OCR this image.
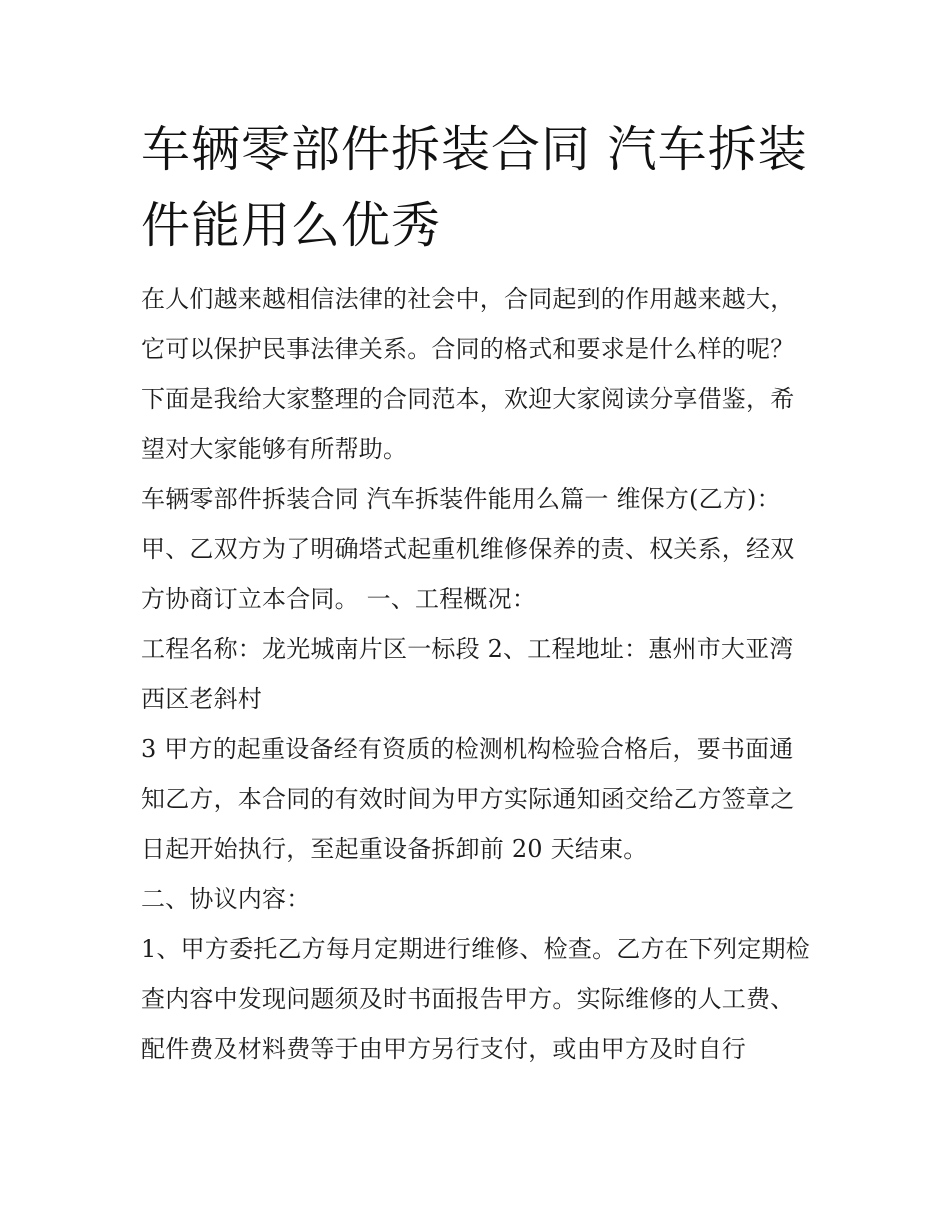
车辆零部件拆装合同 汽车拆装件能用么优秀

在人们越来越相信法律的社会中，合同起到的作用越来越大，它可以保护民事法律关系。合同的格式和要求是什么样的呢？下面是我给大家整理的合同范本，欢迎大家阅读分享借鉴，希望对大家能够有所帮助。

车辆零部件拆装合同 汽车拆装件能用么篇一 维保方(乙方)：甲、乙双方为了明确塔式起重机维修保养的责、权关系，经双方协商订立本合同。 一、工程概况：

工程名称：龙光城南片区一标段 2、工程地址：惠州市大亚湾西区老斜村

3 甲方的起重设备经有资质的检测机构检验合格后，要书面通知乙方，本合同的有效时间为甲方实际通知函交给乙方签章之日起开始执行，至起重设备拆卸前 20 天结束。

二、协议内容：

1、甲方委托乙方每月定期进行维修、检查。乙方在下列定期检查内容中发现问题须及时书面报告甲方。实际维修的人工费、配件费及材料费等于由甲方另行支付，或由甲方及时自行
